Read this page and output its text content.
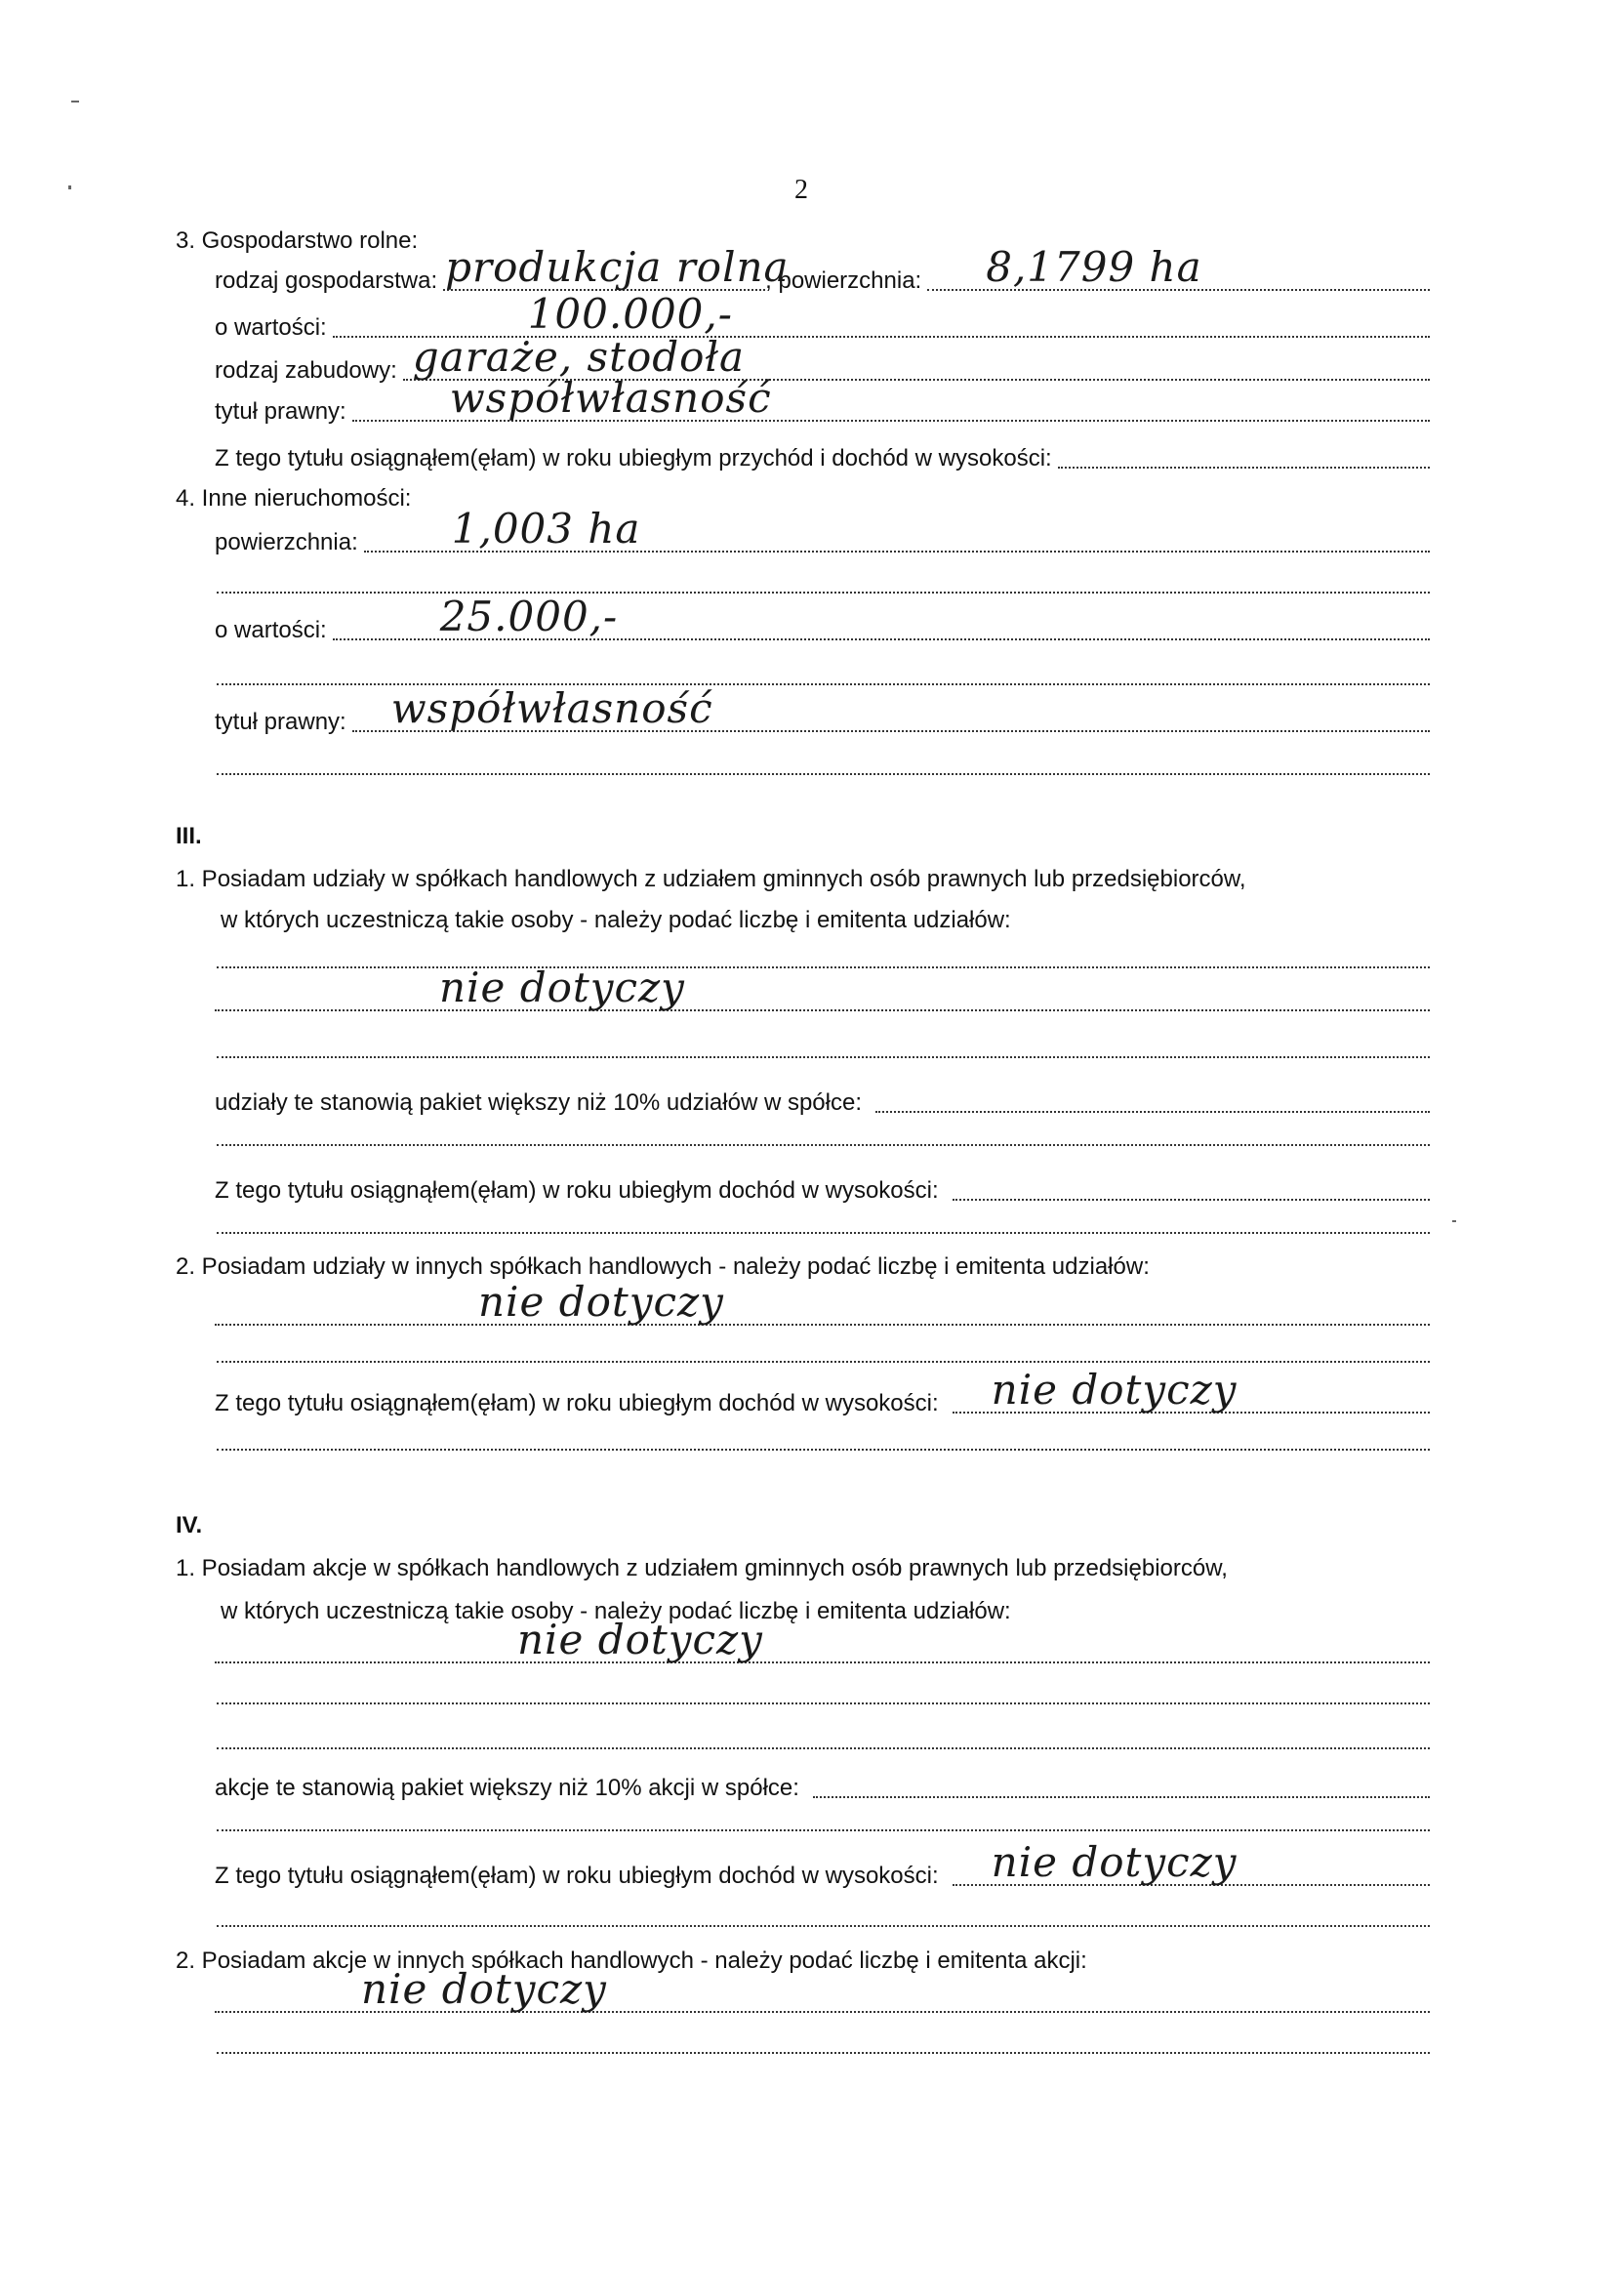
2
3. Gospodarstwo rolne:
rodzaj gospodarstwa: produkcja rolna
, powierzchnia: 8,1799 ha
o wartości:	100.000,-
rodzaj zabudowy: garaże, stodoła
tytuł prawny:	współwłasność
Z tego tytułu osiągnąłem(ęłam) w roku ubiegłym przychód i dochód w wysokości:
4. Inne nieruchomości:
powierzchnia: 1,003 ha
o wartości:	25.000,-
tytuł prawny: współwłasność
III.
1. Posiadam udziały w spółkach handlowych z udziałem gminnych osób prawnych lub przedsiębiorców,
w których uczestniczą takie osoby - należy podać liczbę i emitenta udziałów:
nie dotyczy
udziały te stanowią pakiet większy niż 10% udziałów w spółce:
Z tego tytułu osiągnąłem(ęłam) w roku ubiegłym dochód w wysokości:
2. Posiadam udziały w innych spółkach handlowych - należy podać liczbę i emitenta udziałów:
nie dotyczy
Z tego tytułu osiągnąłem(ęłam) w roku ubiegłym dochód w wysokości: nie dotyczy
IV.
1. Posiadam akcje w spółkach handlowych z udziałem gminnych osób prawnych lub przedsiębiorców,
w których uczestniczą takie osoby - należy podać liczbę i emitenta udziałów:
nie dotyczy
akcje te stanowią pakiet większy niż 10% akcji w spółce:
Z tego tytułu osiągnąłem(ęłam) w roku ubiegłym dochód w wysokości: nie dotyczy
2. Posiadam akcje w innych spółkach handlowych - należy podać liczbę i emitenta akcji:
nie dotyczy
